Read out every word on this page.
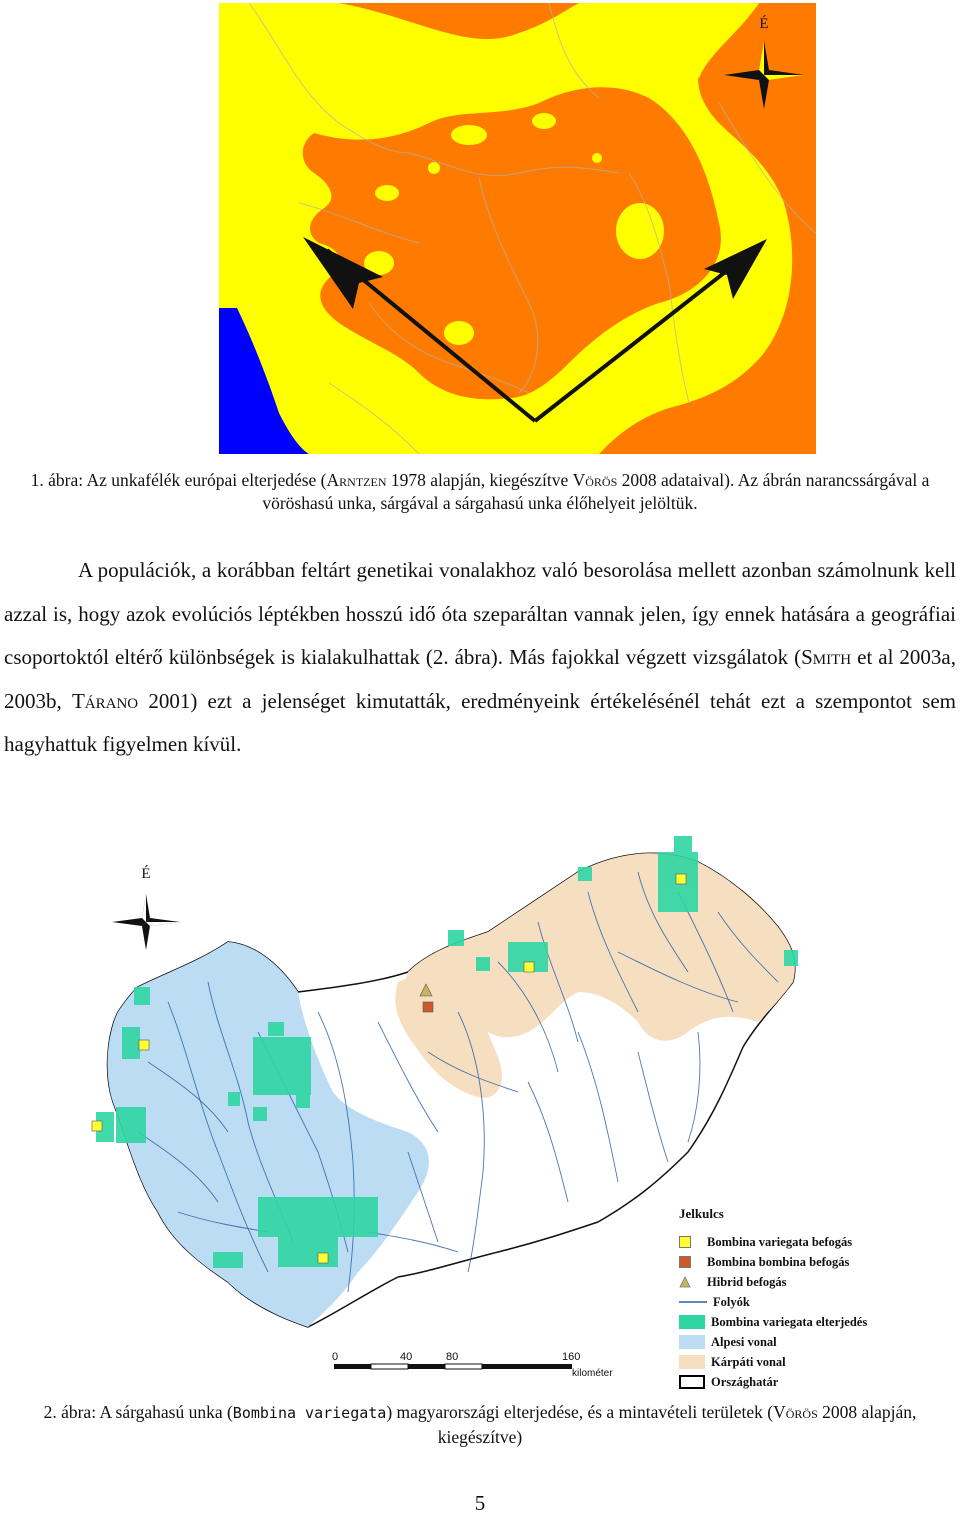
É
1. ábra: Az unkafélék európai elterjedése (Arntzen 1978 alapján, kiegészítve Vörös 2008 adataival). Az ábrán narancssárgával a vöröshasú unka, sárgával a sárgahasú unka élőhelyeit jelöltük.
A populációk, a korábban feltárt genetikai vonalakhoz való besorolása mellett azonban számolnunk kell azzal is, hogy azok evolúciós léptékben hosszú idő óta szeparáltan vannak jelen, így ennek hatására a geográfiai csoportoktól eltérő különbségek is kialakulhattak (2. ábra). Más fajokkal végzett vizsgálatok (Smith et al 2003a, 2003b, Tárano 2001) ezt a jelenséget kimutatták, eredményeink értékelésénél tehát ezt a szempontot sem hagyhattuk figyelmen kívül.
É
Jelkulcs
Bombina variegata befogás
Bombina bombina befogás
Hibrid befogás
Folyók
Bombina variegata elterjedés
Alpesi vonal
Kárpáti vonal
Országhatár
0	40	80	160
kilométer
2. ábra: A sárgahasú unka (Bombina variegata) magyarországi elterjedése, és a mintavételi területek (Vörös 2008 alapján, kiegészítve)
5
